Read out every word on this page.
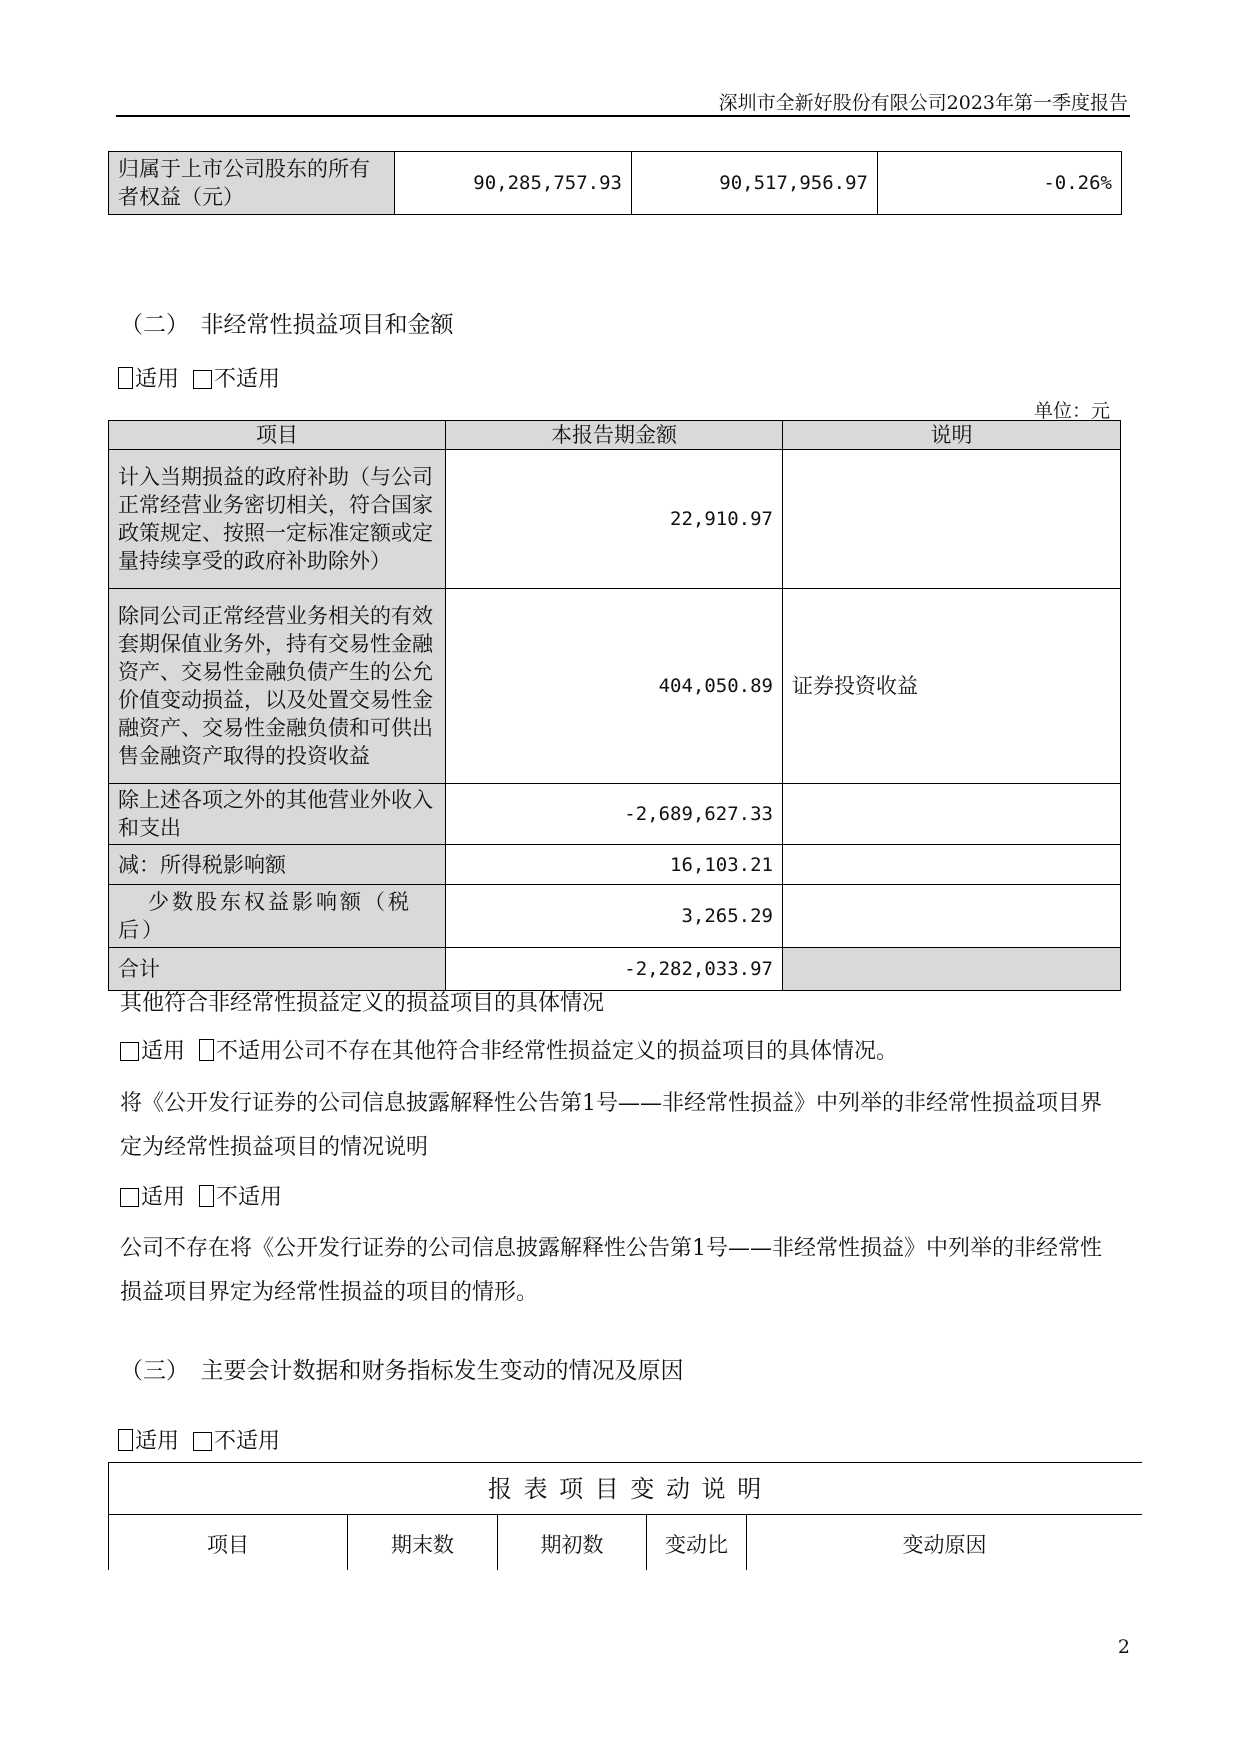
深圳市全新好股份有限公司2023年第一季度报告
归属于上市公司股东的所有者权益（元）	90,285,757.93	90,517,956.97	-0.26%
（二）　非经常性损益项目和金额
适用 不适用
单位：元
项目	本报告期金额	说明
计入当期损益的政府补助（与公司正常经营业务密切相关，符合国家政策规定、按照一定标准定额或定量持续享受的政府补助除外）	22,910.97	
除同公司正常经营业务相关的有效套期保值业务外，持有交易性金融资产、交易性金融负债产生的公允价值变动损益，以及处置交易性金融资产、交易性金融负债和可供出售金融资产取得的投资收益	404,050.89	证券投资收益
除上述各项之外的其他营业外收入和支出	-2,689,627.33	
减：所得税影响额	16,103.21	
少数股东权益影响额（税后）	3,265.29	
合计	-2,282,033.97	
其他符合非经常性损益定义的损益项目的具体情况
适用 不适用公司不存在其他符合非经常性损益定义的损益项目的具体情况。
将《公开发行证券的公司信息披露解释性公告第1号——非经常性损益》中列举的非经常性损益项目界定为经常性损益项目的情况说明
适用 不适用
公司不存在将《公开发行证券的公司信息披露解释性公告第1号——非经常性损益》中列举的非经常性损益项目界定为经常性损益的项目的情形。
（三）　主要会计数据和财务指标发生变动的情况及原因
适用 不适用
报 表 项 目 变 动 说 明
项目	期末数	期初数	变动比	变动原因
2
